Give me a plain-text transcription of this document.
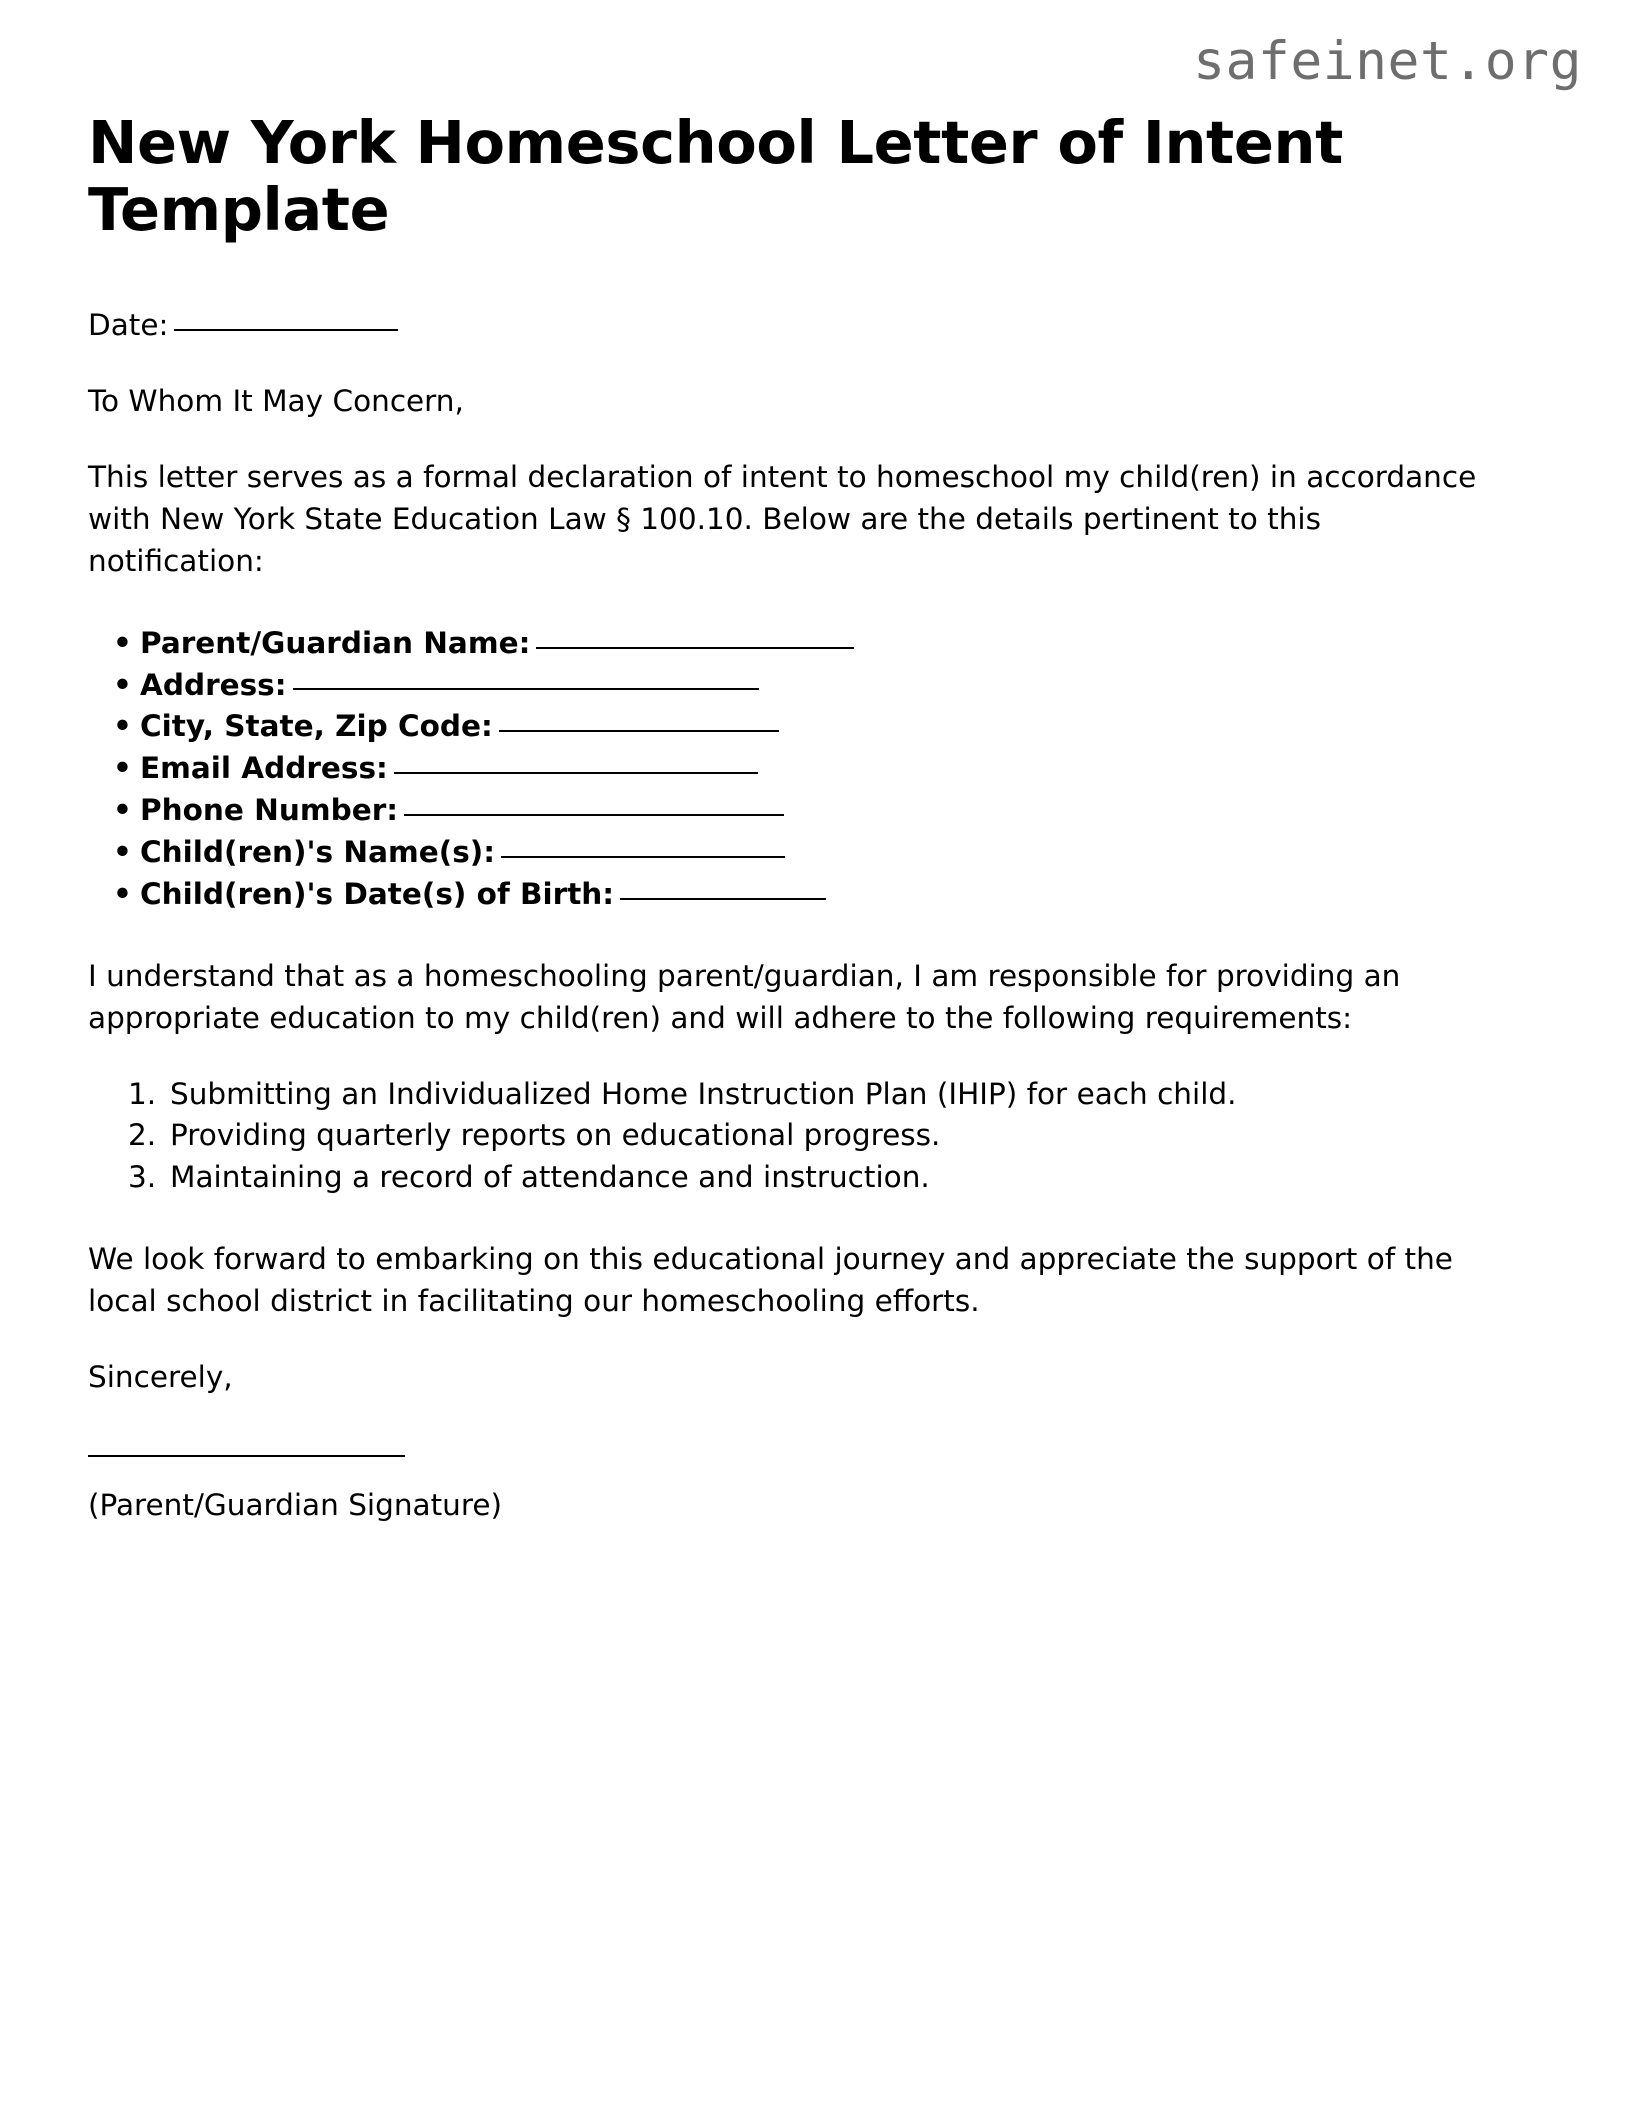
safeinet.org
New York Homeschool Letter of Intent Template

Date:

To Whom It May Concern,

This letter serves as a formal declaration of intent to homeschool my child(ren) in accordance with New York State Education Law § 100.10. Below are the details pertinent to this notification:

• Parent/Guardian Name:
• Address:
• City, State, Zip Code:
• Email Address:
• Phone Number:
• Child(ren)'s Name(s):
• Child(ren)'s Date(s) of Birth:

I understand that as a homeschooling parent/guardian, I am responsible for providing an appropriate education to my child(ren) and will adhere to the following requirements:

Submitting an Individualized Home Instruction Plan (IHIP) for each child.
Providing quarterly reports on educational progress.
Maintaining a record of attendance and instruction.

We look forward to embarking on this educational journey and appreciate the support of the local school district in facilitating our homeschooling efforts.

Sincerely,

(Parent/Guardian Signature)
